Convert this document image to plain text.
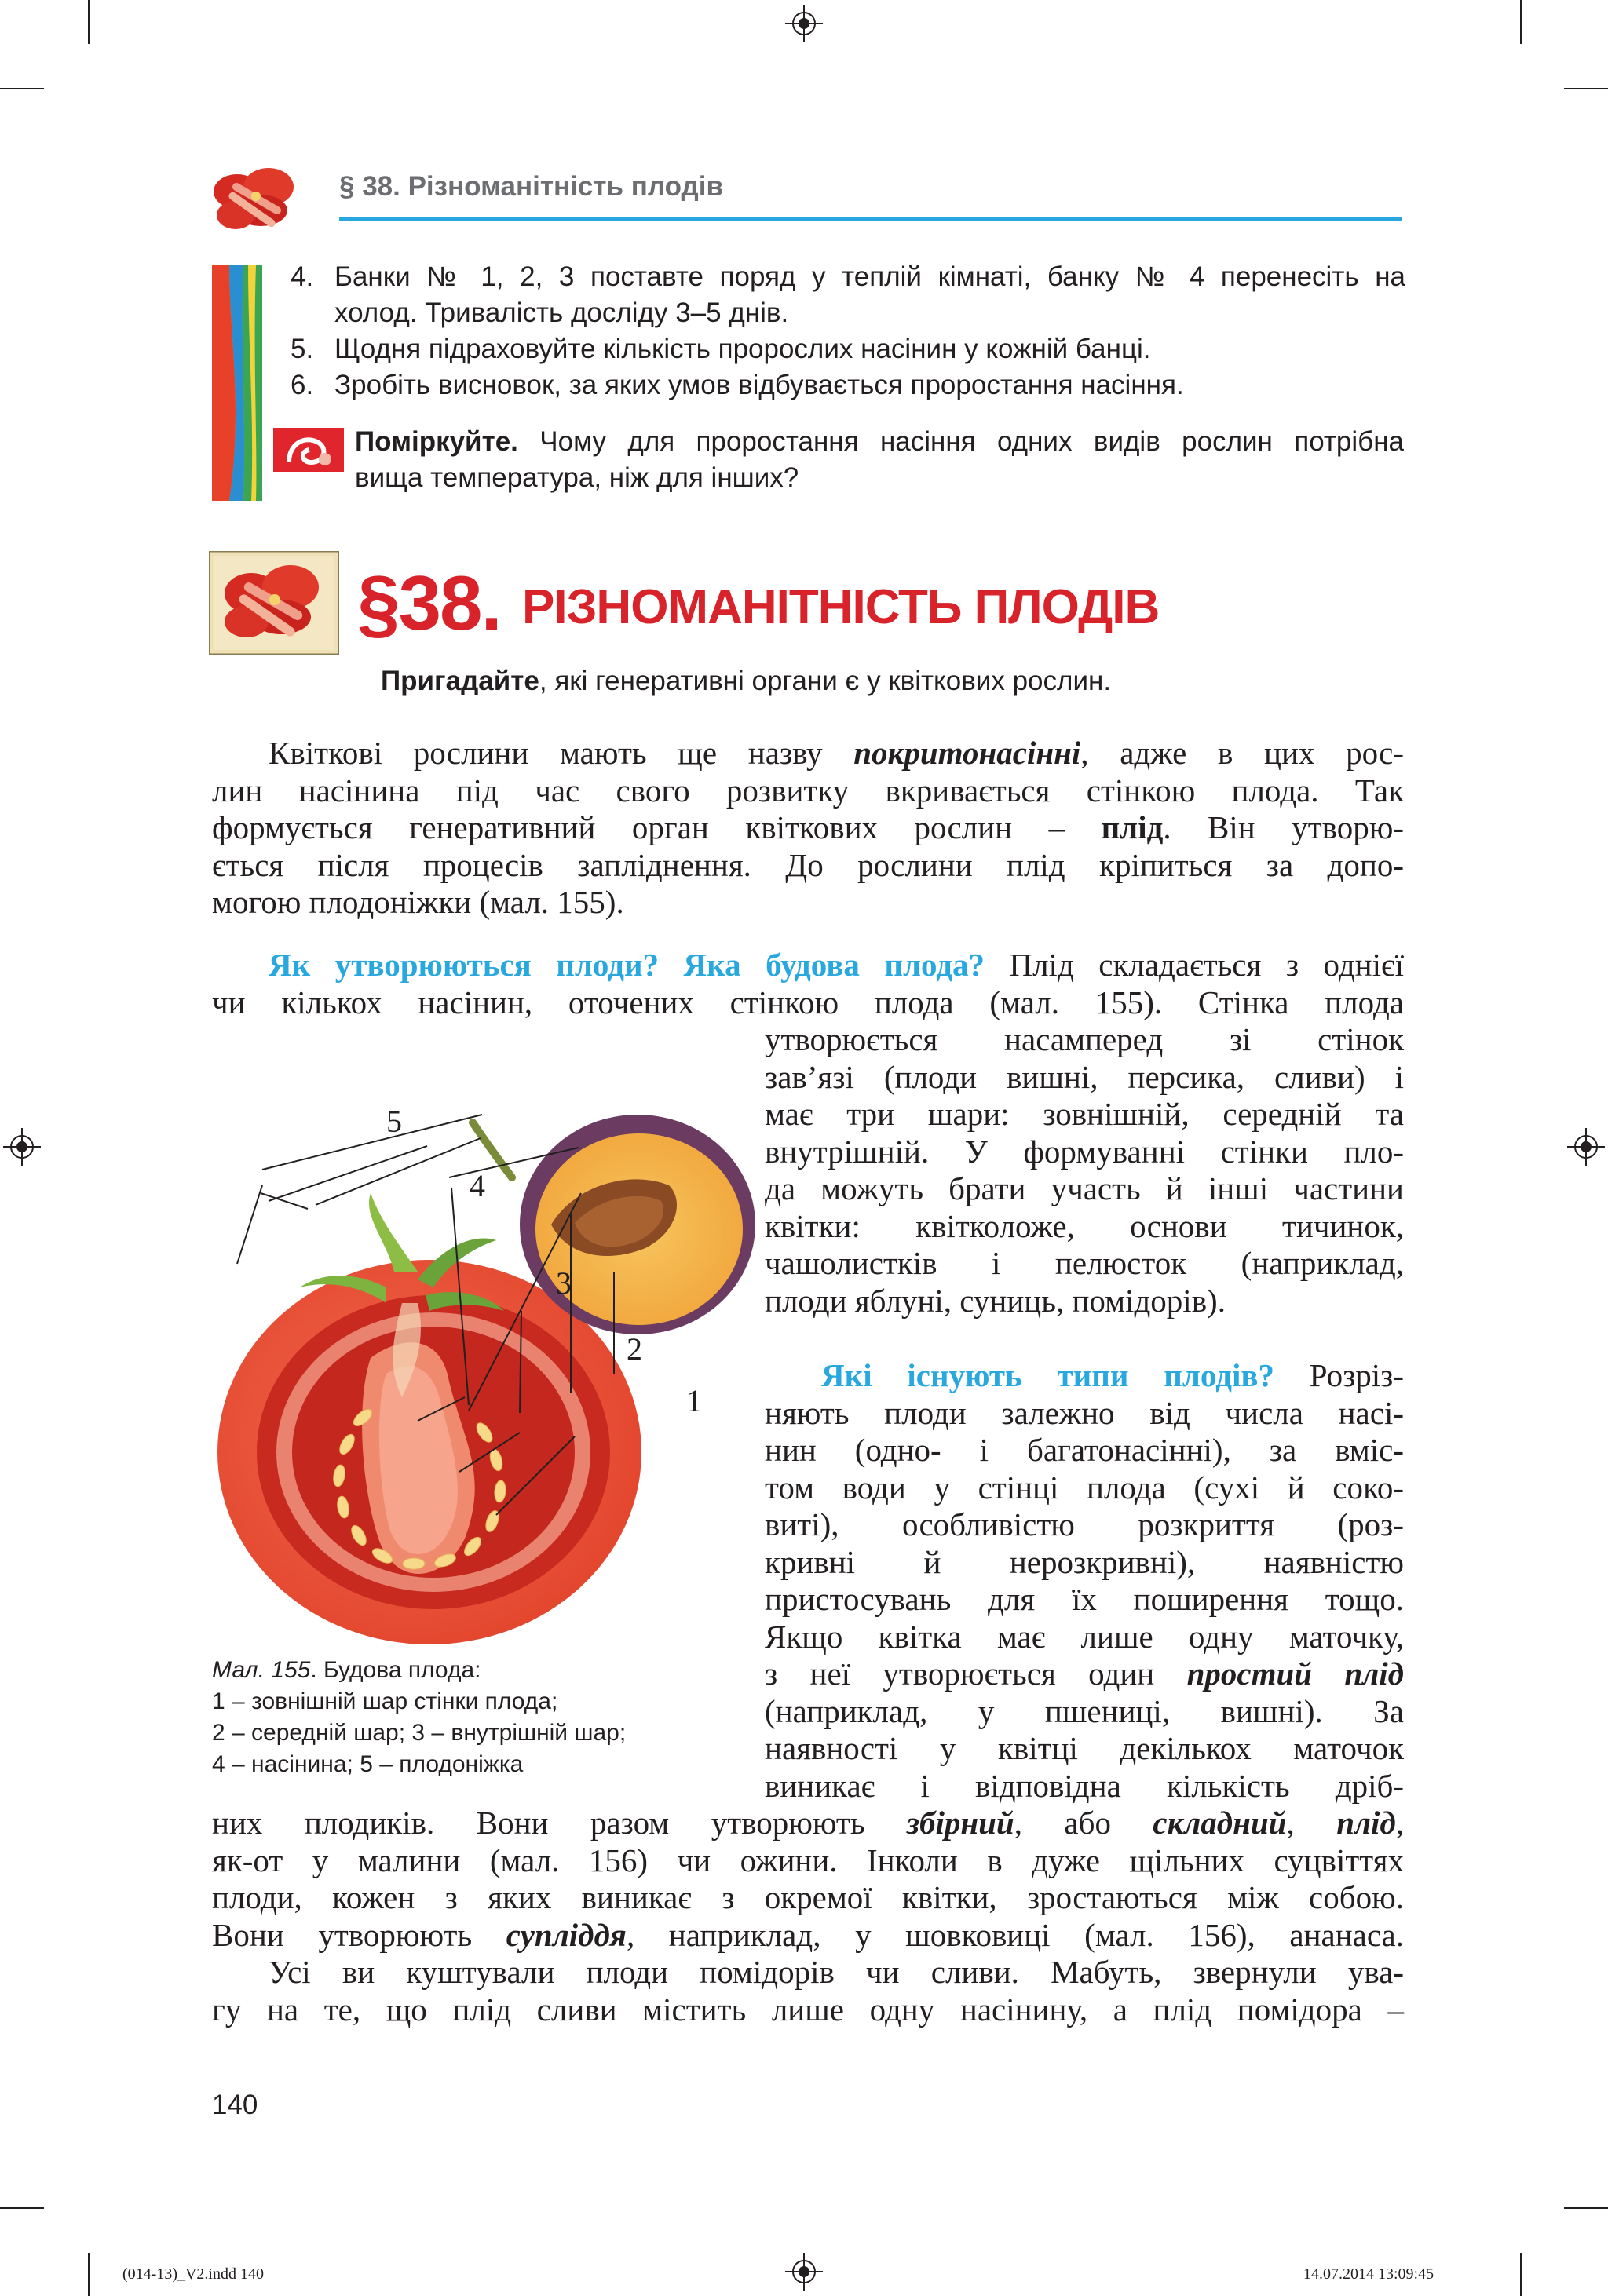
§ 38. Різноманітність плодів
4. Банки № 1, 2, 3 поставте поряд у теплій кімнаті, банку № 4 перенесіть на
холод. Тривалість досліду 3–5 днів.
5. Щодня підраховуйте кількість пророслих насінин у кожній банці.
6. Зробіть висновок, за яких умов відбувається проростання насіння.
Поміркуйте. Чому для проростання насіння одних видів рослин потрібна
вища температура, ніж для інших?
§38. РІЗНОМАНІТНІСТЬ ПЛОДІВ
Пригадайте, які генеративні органи є у квіткових рослин.
Квіткові рослини мають ще назву покритонасінні, адже в цих рос-
лин насінина під час свого розвитку вкривається стінкою плода. Так
формується генеративний орган квіткових рослин – плід. Він утворю-
ється після процесів запліднення. До рослини плід кріпиться за допо-
могою плодоніжки (мал. 155).
Як утворюються плоди? Яка будова плода? Плід складається з однієї
чи кількох насінин, оточених стінкою плода (мал. 155). Стінка плода
утворюється насамперед зі стінок
зав’язі (плоди вишні, персика, сливи) і
має три шари: зовнішній, середній та
внутрішній. У формуванні стінки пло-
да можуть брати участь й інші частини
квітки: квітколоже, основи тичинок,
чашолистків і пелюсток (наприклад,
плоди яблуні, суниць, помідорів).
Які існують типи плодів? Розріз-
няють плоди залежно від числа насі-
нин (одно- і багатонасінні), за вміс-
том води у стінці плода (сухі й соко-
виті), особливістю розкриття (роз-
кривні й нерозкривні), наявністю
пристосувань для їх поширення тощо.
Якщо квітка має лише одну маточку,
з неї утворюється один простий плід
(наприклад, у пшениці, вишні). За
наявності у квітці декількох маточок
виникає і відповідна кількість дріб-
них плодиків. Вони разом утворюють збірний, або складний, плід,
як-от у малини (мал. 156) чи ожини. Інколи в дуже щільних суцвіттях
плоди, кожен з яких виникає з окремої квітки, зростаються між собою.
Вони утворюють супліддя, наприклад, у шовковиці (мал. 156), ананаса.
Усі ви куштували плоди помідорів чи сливи. Мабуть, звернули ува-
гу на те, що плід сливи містить лише одну насінину, а плід помідора –
5
4
3
2
1
Мал. 155. Будова плода:
1 – зовнішній шар стінки плода;
2 – середній шар; 3 – внутрішній шар;
4 – насінина; 5 – плодоніжка
140
(014-13)_V2.indd 140	14.07.2014 13:09:45
